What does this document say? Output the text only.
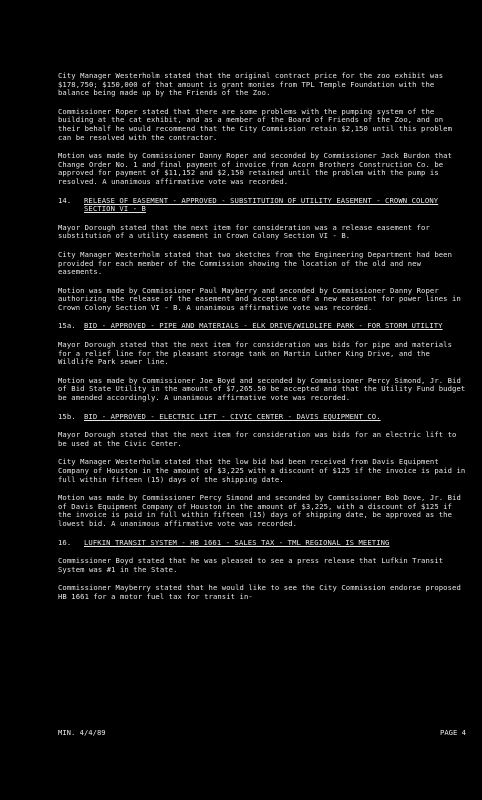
City Manager Westerholm stated that the original contract price for the zoo exhibit was $178,750; $150,000 of that amount is grant monies from TPL Temple Foundation with the balance being made up by the Friends of the Zoo.

Commissioner Roper stated that there are some problems with the pumping system of the building at the cat exhibit, and as a member of the Board of Friends of the Zoo, and on their behalf he would recommend that the City Commission retain $2,150 until this problem can be resolved with the contractor.

Motion was made by Commissioner Danny Roper and seconded by Commissioner Jack Burdon that Change Order No. 1 and final payment of invoice from Acorn Brothers Construction Co. be approved for payment of $11,152 and $2,150 retained until the problem with the pump is resolved. A unanimous affirmative vote was recorded.

14.	RELEASE OF EASEMENT - APPROVED - SUBSTITUTION OF UTILITY EASEMENT - CROWN COLONY SECTION VI - B

Mayor Dorough stated that the next item for consideration was a release easement for substitution of a utility easement in Crown Colony Section VI - B.

City Manager Westerholm stated that two sketches from the Engineering Department had been provided for each member of the Commission showing the location of the old and new easements.

Motion was made by Commissioner Paul Mayberry and seconded by Commissioner Danny Roper authorizing the release of the easement and acceptance of a new easement for power lines in Crown Colony Section VI - B. A unanimous affirmative vote was recorded.

15a.	BID - APPROVED - PIPE AND MATERIALS - ELK DRIVE/WILDLIFE PARK - FOR STORM UTILITY

Mayor Dorough stated that the next item for consideration was bids for pipe and materials for a relief line for the pleasant storage tank on Martin Luther King Drive, and the Wildlife Park sewer line.

Motion was made by Commissioner Joe Boyd and seconded by Commissioner Percy Simond, Jr. Bid of Bid State Utility in the amount of $7,265.50 be accepted and that the Utility Fund budget be amended accordingly. A unanimous affirmative vote was recorded.

15b.	BID - APPROVED - ELECTRIC LIFT - CIVIC CENTER - DAVIS EQUIPMENT CO.

Mayor Dorough stated that the next item for consideration was bids for an electric lift to be used at the Civic Center.

City Manager Westerholm stated that the low bid had been received from Davis Equipment Company of Houston in the amount of $3,225 with a discount of $125 if the invoice is paid in full within fifteen (15) days of the shipping date.

Motion was made by Commissioner Percy Simond and seconded by Commissioner Bob Dove, Jr. Bid of Davis Equipment Company of Houston in the amount of $3,225, with a discount of $125 if the invoice is paid in full within fifteen (15) days of shipping date, be approved as the lowest bid. A unanimous affirmative vote was recorded.

16.	LUFKIN TRANSIT SYSTEM - HB 1661 - SALES TAX - TML REGIONAL IS MEETING

Commissioner Boyd stated that he was pleased to see a press release that Lufkin Transit System was #1 in the State.

Commissioner Mayberry stated that he would like to see the City Commission endorse proposed HB 1661 for a motor fuel tax for transit in-

MIN. 4/4/89	PAGE 4
